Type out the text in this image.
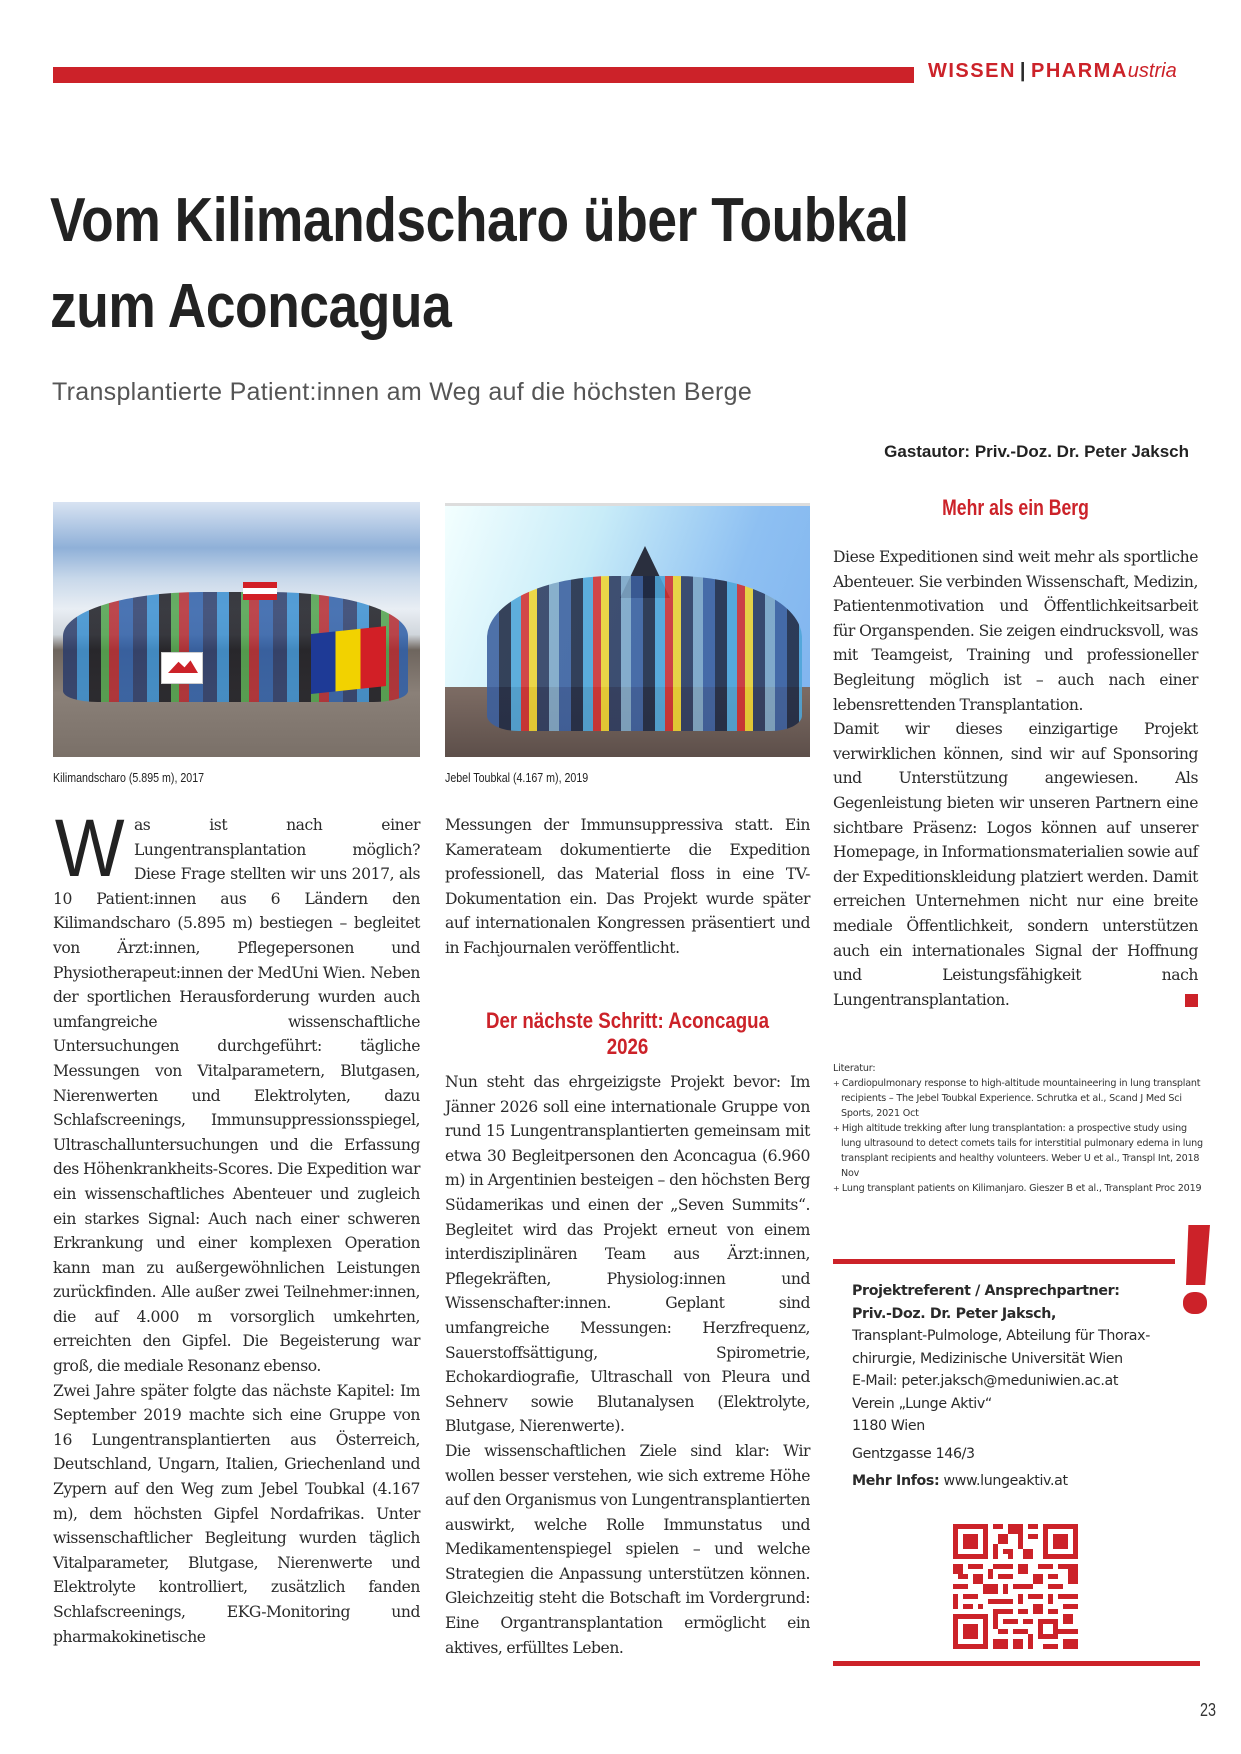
WISSEN | PHARMAustria
Vom Kilimandscharo über Toubkal
zum Aconcagua
Transplantierte Patient:innen am Weg auf die höchsten Berge
Gastautor: Priv.-Doz. Dr. Peter Jaksch
Kilimandscharo (5.895 m), 2017	Jebel Toubkal (4.167 m), 2019

Was ist nach einer Lungentransplantation möglich? Diese Frage stellten wir uns 2017, als 10 Patient:innen aus 6 Ländern den Kilimandscharo (5.895 m) bestiegen – begleitet von Ärzt:innen, Pflegepersonen und Physiotherapeut:innen der MedUni Wien. Neben der sportlichen Herausforderung wurden auch umfangreiche wissenschaftliche Untersuchungen durchgeführt: tägliche Messungen von Vitalparametern, Blutgasen, Nierenwerten und Elektrolyten, dazu Schlafscreenings, Immunsuppressionsspiegel, Ultraschalluntersuchungen und die Erfassung des Höhenkrankheits-Scores. Die Expedition war ein wissenschaftliches Abenteuer und zugleich ein starkes Signal: Auch nach einer schweren Erkrankung und einer komplexen Operation kann man zu außergewöhnlichen Leistungen zurückfinden. Alle außer zwei Teilnehmer:innen, die auf 4.000 m vorsorglich umkehrten, erreichten den Gipfel. Die Begeisterung war groß, die mediale Resonanz ebenso.

Zwei Jahre später folgte das nächste Kapitel: Im September 2019 machte sich eine Gruppe von 16 Lungentransplantierten aus Österreich, Deutschland, Ungarn, Italien, Griechenland und Zypern auf den Weg zum Jebel Toubkal (4.167 m), dem höchsten Gipfel Nordafrikas. Unter wissenschaftlicher Begleitung wurden täglich Vitalparameter, Blutgase, Nierenwerte und Elektrolyte kontrolliert, zusätzlich fanden Schlafscreenings, EKG-Monitoring und pharmakokinetische

Messungen der Immunsuppressiva statt. Ein Kamerateam dokumentierte die Expedition professionell, das Material floss in eine TV-Dokumentation ein. Das Projekt wurde später auf internationalen Kongressen präsentiert und in Fachjournalen veröffentlicht.

Der nächste Schritt: Aconcagua 2026

Nun steht das ehrgeizigste Projekt bevor: Im Jänner 2026 soll eine internationale Gruppe von rund 15 Lungentransplantierten gemeinsam mit etwa 30 Begleitpersonen den Aconcagua (6.960 m) in Argentinien besteigen – den höchsten Berg Südamerikas und einen der „Seven Summits“. Begleitet wird das Projekt erneut von einem interdisziplinären Team aus Ärzt:innen, Pflegekräften, Physiolog:innen und Wissenschafter:innen. Geplant sind umfangreiche Messungen: Herzfrequenz, Sauerstoffsättigung, Spirometrie, Echokardiografie, Ultraschall von Pleura und Sehnerv sowie Blutanalysen (Elektrolyte, Blutgase, Nierenwerte).

Die wissenschaftlichen Ziele sind klar: Wir wollen besser verstehen, wie sich extreme Höhe auf den Organismus von Lungentransplantierten auswirkt, welche Rolle Immunstatus und Medikamentenspiegel spielen – und welche Strategien die Anpassung unterstützen können. Gleichzeitig steht die Botschaft im Vordergrund: Eine Organtransplantation ermöglicht ein aktives, erfülltes Leben.

Mehr als ein Berg

Diese Expeditionen sind weit mehr als sportliche Abenteuer. Sie verbinden Wissenschaft, Medizin, Patientenmotivation und Öffentlichkeitsarbeit für Organspenden. Sie zeigen eindrucksvoll, was mit Teamgeist, Training und professioneller Begleitung möglich ist – auch nach einer lebensrettenden Transplantation.

Damit wir dieses einzigartige Projekt verwirklichen können, sind wir auf Sponsoring und Unterstützung angewiesen. Als Gegenleistung bieten wir unseren Partnern eine sichtbare Präsenz: Logos können auf unserer Homepage, in Informationsmaterialien sowie auf der Expeditionskleidung platziert werden. Damit erreichen Unternehmen nicht nur eine breite mediale Öffentlichkeit, sondern unterstützen auch ein internationales Signal der Hoffnung und Leistungsfähigkeit nach Lungentransplantation.

Literatur:
+ Cardiopulmonary response to high-altitude mountaineering in lung transplant recipients – The Jebel Toubkal Experience. Schrutka et al., Scand J Med Sci Sports, 2021 Oct
+ High altitude trekking after lung transplantation: a prospective study using lung ultrasound to detect comets tails for interstitial pulmonary edema in lung transplant recipients and healthy volunteers. Weber U et al., Transpl Int, 2018 Nov
+ Lung transplant patients on Kilimanjaro. Gieszer B et al., Transplant Proc 2019
Projektreferent / Ansprechpartner:
Priv.-Doz. Dr. Peter Jaksch,
Transplant-Pulmologe, Abteilung für Thorax-
chirurgie, Medizinische Universität Wien
E-Mail: peter.jaksch@meduniwien.ac.at
Verein „Lunge Aktiv“
1180 Wien
Gentzgasse 146/3
Mehr Infos: www.lungeaktiv.at
23
